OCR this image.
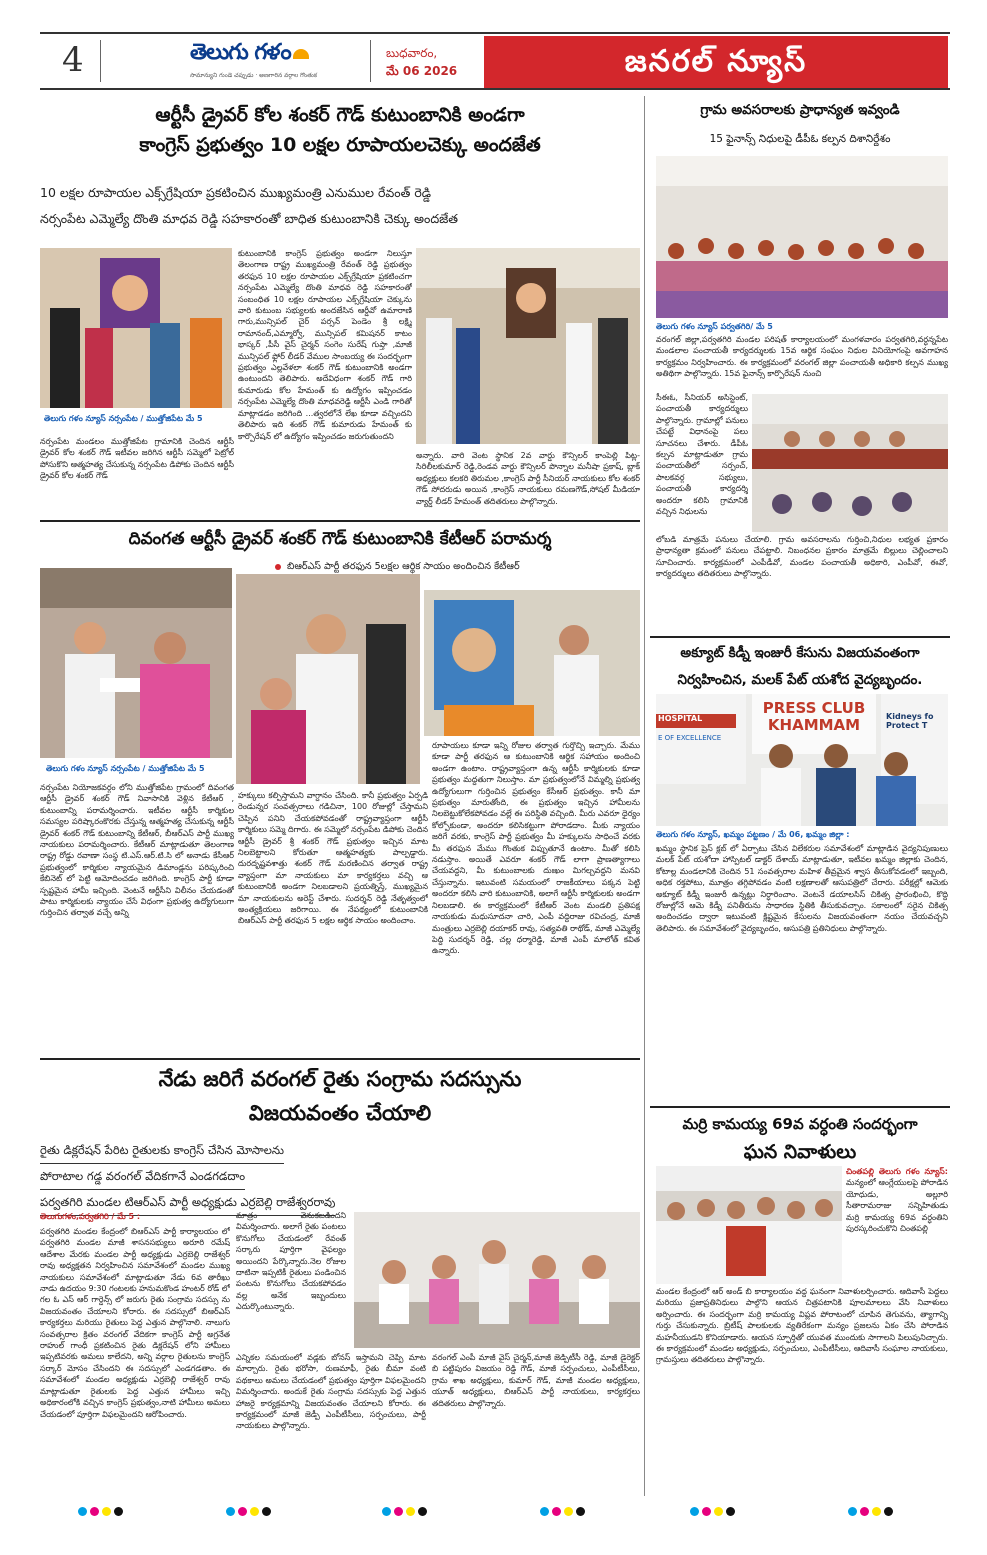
4	తెలుగు గళం
సామాన్యుని గుండె చప్పుడు · అణగారిన వర్గాల గొంతుక
బుధవారం,
మే 06 2026	జనరల్ న్యూస్
ఆర్టీసీ డ్రైవర్ కోల శంకర్ గౌడ్ కుటుంబానికి అండగా
కాంగ్రెస్ ప్రభుత్వం 10 లక్షల రూపాయలచెక్కు అందజేత
10 లక్షల రూపాయల ఎక్స్‌గ్రేషియా ప్రకటించిన ముఖ్యమంత్రి ఎనుముల రేవంత్ రెడ్డి
నర్సంపేట ఎమ్మెల్యే దొంతి మాధవ రెడ్డి సహకారంతో బాధిత కుటుంబానికి చెక్కు అందజేత
తెలుగు గళం న్యూస్ నర్సంపేట / ముత్తోజిపేట మే 5
నర్సంపేట మండలం ముత్తోజిపేట గ్రామానికి చెందిన ఆర్టీసీ డ్రైవర్ కోల శంకర్ గౌడ్ ఇటీవల జరిగిన ఆర్టీసీ సమ్మెలో పెట్రోల్ పోసుకొని ఆత్మహత్య చేసుకున్న నర్సంపేట డిపోకు చెందిన ఆర్టీసీ డ్రైవర్ కోల శంకర్ గౌడ్
కుటుంబానికి కాంగ్రెస్ ప్రభుత్వం అండగా నిలుస్తూ తెలంగాణ రాష్ట్ర ముఖ్యమంత్రి రేవంత్ రెడ్డి ప్రభుత్వం తరఫున 10 లక్షల రూపాయల ఎక్స్‌గ్రేషియా ప్రకటించగా నర్సంపేట ఎమ్మెల్యే దొంతి మాధవ రెడ్డి సహకారంతో సంబంధిత 10 లక్షల రూపాయల ఎక్స్‌గ్రేషియా చెక్కును వారి కుటుంబ సభ్యులకు అందజేసిన ఆర్డీవో ఉమారాణి గారు,మున్సిపల్ చైర్ పర్సన్ పెండెం శ్రీ లక్ష్మి రామానంద్,ఎమ్మార్వో, మున్సిపల్ కమిషనర్ కాటం భాస్కర్ ,పీసీ వైస్ చైర్మన్ సంగెం సురేష్ గుప్తా ,మాజీ మున్సిపల్ ఫ్లోర్ లీడర్ వేముల సాంబయ్య ఈ సందర్భంగా ప్రభుత్వం ఎల్లవేళలా శంకర్ గౌడ్ కుటుంబానికి అండగా ఉంటుందని తెలిపారు. అదేవిధంగా శంకర్ గౌడ్ గారి కుమారుడు కోల హేమంత్ కు ఉద్యోగం ఇప్పించడం నర్సంపేట ఎమ్మెల్యే దొంతి మాధవరెడ్డి ఆర్టీసీ ఎండి గారితో మాట్లాడడం జరిగింది ...త్వరలోనే లేఖ కూడా వచ్చిందని తెలిపారు ఇది శంకర్ గౌడ్ కుమారుడు హేమంత్ కు కార్పొరేషన్ లో ఉద్యోగం ఇప్పించడం జరుగుతుందని
అన్నారు. వారి వెంట స్థానిక 2వ వార్డు కౌన్సిలర్ కాంపెల్లి పిట్ల-సిరిలీలకుమార్ రెడ్డి,రెండవ వార్డు కౌన్సిలర్ పొన్నాల మనీషా ప్రకాష్, బ్లాక్ అధ్యక్షులు కలకరి తిరుమల ,కాంగ్రెస్ పార్టీ సీనియర్ నాయకులు కోల శంకర్ గౌడ్ సోదరుడు అయిన ,కాంగ్రెస్ నాయకులు రమణగౌడ్,సోషల్ మీడియా వ్యార్డ్ లీడర్ హేమంత్ తదితరులు పాల్గొన్నారు.
దివంగత ఆర్టీసీ డ్రైవర్ శంకర్ గౌడ్ కుటుంబానికి కేటీఆర్ పరామర్శ
బిఆర్ఎస్ పార్టీ తరఫున 5లక్షల ఆర్థిక సాయం అందించిన కేటీఆర్
తెలుగు గళం న్యూస్ నర్సంపేట / ముత్తోజిపేట మే 5
నర్సంపేట నియోజకవర్గం లోని ముత్తోజిపేట గ్రామంలో దివంగత ఆర్టీసీ డ్రైవర్ శంకర్ గౌడ్ నివాసానికి వెళ్లిన కేటీఆర్ , కుటుంబాన్ని పరామర్శించారు. ఇటీవల ఆర్టీసీ కార్మికుల సమస్యల పరిష్కారంకొరకు చేస్తున్న ఆత్మహత్య చేసుకున్న ఆర్టీసీ డ్రైవర్ శంకర్ గౌడ్ కుటుంబాన్ని కేటీఆర్, బీఆర్ఎస్ పార్టీ ముఖ్య నాయకులు పరామర్శించారు. కేటీఆర్ మాట్లాడుతూ తెలంగాణ రాష్ట్ర రోడ్డు రవాణా సంస్థ టి.ఎస్.ఆర్.టి.సి లో అనాడు కేసీఆర్ ప్రభుత్వంలో కార్మికుల న్యాయమైన డిమాండ్లను పరిష్కరించి కేబినెట్ లో పెట్టి ఆమోదించడం జరిగింది. కాంగ్రెస్ పార్టీ కూడా స్పష్టమైన హామీ ఇచ్చింది. వెంటనే ఆర్టీసీని విలీనం చేయడంతో పాటు కార్మికులకు న్యాయం చేసే విధంగా ప్రభుత్వ ఉద్యోగులుగా గుర్తించిన తర్వాత వచ్చే అన్ని
హక్కులు కల్పిస్తామని వాగ్దానం చేసింది. కానీ ప్రభుత్వం ఏర్పడి రెండున్నర సంవత్సరాలు గడిచినా, 100 రోజుల్లో చేస్తామని చెప్పిన పనిని చేయకపోవడంతో రాష్ట్రవ్యాప్తంగా ఆర్టీసీ కార్మికులు సమ్మె దిగారు. ఈ సమ్మెలో నర్సంపేట డిపోకు చెందిన ఆర్టీసీ డ్రైవర్ శ్రీ శంకర్ గౌడ్ ప్రభుత్వం ఇచ్చిన మాట నిలబెట్టాలని కోరుతూ ఆత్మహత్యకు పాల్పడ్డారు. దురదృష్టవశాత్తు శంకర్ గౌడ్ మరణించిన తర్వాత రాష్ట్ర వ్యాప్తంగా మా నాయకులు మా కార్యకర్తలు వచ్చి ఆ కుటుంబానికి అండగా నిలబడాలని ప్రయత్నిస్తే, ముఖ్యమైన మా నాయకులను అరెస్ట్ చేశారు. సుదర్శన్ రెడ్డి నేతృత్వంలో అంత్యక్రియలు జరిగాయి. ఈ నేపథ్యంలో కుటుంబానికి బిఆర్ఎస్ పార్టీ తరఫున 5 లక్షల ఆర్థిక సాయం అందించాం.
రూపాయలు కూడా ఇన్ని రోజుల తర్వాత గుర్తొచ్చి ఇచ్చారు. మేము కూడా పార్టీ తరఫున ఆ కుటుంబానికి ఆర్థిక సహాయం అందించి అండగా ఉంటాం. రాష్ట్రవ్యాప్తంగా ఉన్న ఆర్టీసీ కార్మికులకు కూడా ప్రభుత్వం మద్దతుగా నిలుస్తాం. మా ప్రభుత్వంలోనే విమ్మల్ని ప్రభుత్వ ఉద్యోగులుగా గుర్తించిన ప్రభుత్వం కేసీఆర్ ప్రభుత్వం. కానీ మా ప్రభుత్వం మారుతోంది, ఈ ప్రభుత్వం ఇచ్చిన హామీలను నిలబెట్టుకోలేకపోవడం వల్లే ఈ పరిస్థితి వచ్చింది. మీరు ఎవరూ ధైర్యం కోల్పోకుండా, అందరూ కలిసికట్టుగా పోరాడదాం. మీకు న్యాయం జరిగే వరకు, కాంగ్రెస్ పార్టీ ప్రభుత్వం మీ హక్కులను సాధించే వరకు మీ తరఫున మేము గొంతుక విప్పుతూనే ఉంటాం. మీతో కలిసి నడుస్తాం. అయితే ఎవరూ శంకర్ గౌడ్ లాగా ప్రాణత్యాగాలు చేయవద్దని, మీ కుటుంబాలకు దుఃఖం మిగల్చవద్దని మనవి చేస్తున్నాను. ఇటువంటి సమయంలో రాజకీయాలు పక్కన పెట్టి అందరూ కలిసి వారి కుటుంబానికి, అలాగే ఆర్టీసీ కార్మికులకు అండగా నిలబడాలి. ఈ కార్యక్రమంలో కేటీఆర్ వెంట మండలి ప్రతిపక్ష నాయకుడు మధుసూదనా చారి, ఎంపీ వద్దిరాజు రవిచంద్ర, మాజీ మంత్రులు ఎర్రబెల్లి దయాకర్ రావు, సత్యవతి రాథోడ్, మాజీ ఎమ్మెల్యే పెద్ది సుదర్శన్ రెడ్డి, చల్ల ధర్మారెడ్డి, మాజీ ఎంపీ మాలోత్ కవిత ఉన్నారు.
నేడు జరిగే వరంగల్ రైతు సంగ్రామ సదస్సును
విజయవంతం చేయాలి
రైతు డిక్లరేషన్ పేరిట రైతులకు కాంగ్రెస్ చేసిన మోసాలను
పోరాటాల గడ్డ వరంగల్ వేదికగానే ఎండగడదాం
పర్వతగిరి మండల టిఆర్ఎస్ పార్టీ అధ్యక్షుడు ఎర్రబెల్లి రాజేశ్వరరావు
తెలుగుగళం,పర్వతగిరి / మే 5 :
పర్వతగిరి మండల కేంద్రంలో బిఆర్ఎస్ పార్టీ కార్యాలయం లో పర్వతగిరి మండల మాజీ శాసనసభ్యులు అరూరి రమేష్ ఆదేశాల మేరకు మండల పార్టీ అధ్యక్షుడు ఎర్రబెల్లి రాజేశ్వర్ రావు అధ్యక్షతన నిర్వహించిన సమావేశంలో మండల ముఖ్య నాయకులు సమావేశంలో మాట్లాడుతూ నేడు 6వ తారీఖు నాడు ఉదయం 9:30 గంటలకు హనుమకొండ హంటర్ రోడ్ లో గల ఓ ఎస్ ఆర్ గార్డెన్స్ లో జరుగు రైతు సంగ్రామ సదస్సు ను విజయవంతం చేయాలని కోరారు. ఈ సదస్సులో బిఆర్ఎస్ కార్యకర్తలు మరియు రైతులు పెద్ద ఎత్తున పాల్గొనాలి. నాలుగు సంవత్సరాల క్రితం వరంగల్ వేదికగా కాంగ్రెస్ పార్టీ అగ్రనేత రాహుల్ గాంధీ ప్రకటించిన రైతు డిక్లరేషన్ లోని హామీలు ఇప్పటివరకు అమలు కాలేదని, అన్ని వర్గాల రైతులను కాంగ్రెస్ సర్కార్ మోసం చేసిందని ఈ సదస్సులో ఎండగడతాం. ఈ సమావేశంలో మండల అధ్యక్షుడు ఎర్రబెల్లి రాజేశ్వర్ రావు మాట్లాడుతూ రైతులకు పెద్ద ఎత్తున హామీలు ఇచ్చి అధికారంలోకి వచ్చిన కాంగ్రెస్ ప్రభుత్వం,నాటి హామీలు అమలు చేయడంలో పూర్తిగా విఫలమైందని ఆరోపించారు.
మాత్రం వెనుకబడిందని విమర్శించారు. అలాగే రైతు పంటలు కొనుగోలు చేయడంలో రేవంత్ సర్కారు పూర్తిగా వైఫల్యం అయిందని పేర్కొన్నారు.నెల రోజుల దాటినా ఇప్పటికీ రైతులు పండించిన పంటను కొనుగోలు చేయకపోవడం వల్ల అనేక ఇబ్బందులు ఎదుర్కొంటున్నారు.
ఎన్నికల సమయంలో వడ్లకు బోనస్ ఇస్తామని చెప్పి మాట మార్చారు. రైతు భరోసా, రుణమాఫీ, రైతు బీమా వంటి పథకాలు అమలు చేయడంలో ప్రభుత్వం పూర్తిగా విఫలమైందని విమర్శించారు. అందుకే రైతు సంగ్రామ సదస్సుకు పెద్ద ఎత్తున హాజరై కార్యక్రమాన్ని విజయవంతం చేయాలని కోరారు. ఈ కార్యక్రమంలో మాజీ జెడ్పీ ఎంపీటీసీలు, సర్పంచులు, పార్టీ నాయకులు పాల్గొన్నారు.
వరంగల్ ఎంపీ మాజీ వైస్ చైర్మన్,మాజీ జెడ్పిటీసీ రెడ్డి, మాజీ డైరెక్టర్ బి పట్టిపురం విజయం రెడ్డి గౌడ్, మాజీ సర్పంచులు, ఎంపీటీసీలు, గ్రామ శాఖ అధ్యక్షులు, కుమార్ గౌడ్, మాజీ మండల అధ్యక్షులు, యూత్ అధ్యక్షులు, బిఆర్ఎస్ పార్టీ నాయకులు, కార్యకర్తలు తదితరులు పాల్గొన్నారు.
గ్రామ అవసరాలకు ప్రాధాన్యత ఇవ్వండి
15 ఫైనాన్స్ నిధులపై డీపీఓ కల్పన దిశానిర్దేశం
తెలుగు గళం న్యూస్ పర్వతగిరి/ మే 5
వరంగల్ జిల్లా,పర్వతగిరి మండల పరిషత్ కార్యాలయంలో మంగళవారం పర్వతగిరి,వర్ధన్నపేట మండలాల పంచాయతీ కార్యదర్శులకు 15వ ఆర్థిక సంఘం నిధుల వినియోగంపై అవగాహన కార్యక్రమం నిర్వహించారు. ఈ కార్యక్రమంలో వరంగల్ జిల్లా పంచాయతీ అధికారి కల్పన ముఖ్య అతిథిగా పాల్గొన్నారు. 15వ ఫైనాన్స్ కార్పొరేషన్ నుంచి
సీఈఓ, సీనియర్ అసిస్టెంట్, పంచాయతీ కార్యదర్శులు పాల్గొన్నారు. గ్రామాల్లో పనులు చేపట్టే విధానంపై పలు సూచనలు చేశారు. డీపీఓ కల్పన మాట్లాడుతూ గ్రామ పంచాయతీలో సర్పంచ్, పాలకవర్గ సభ్యులు, పంచాయతీ కార్యదర్శి అందరూ కలిసి గ్రామానికి వచ్చిన నిధులను
లోబడి మాత్రమే పనులు చేయాలి. గ్రామ అవసరాలను గుర్తించి,నిధుల లభ్యత ప్రకారం ప్రాధాన్యతా క్రమంలో పనులు చేపట్టాలి. నిబంధనల ప్రకారం మాత్రమే బిల్లులు చెల్లించాలని సూచించారు. కార్యక్రమంలో ఎంపీడీవో, మండల పంచాయతీ అధికారి, ఎంపీవో, ఈవో, కార్యదర్శులు తదితరులు పాల్గొన్నారు.
అక్యూట్ కిడ్నీ ఇంజురీ కేసును విజయవంతంగా
నిర్వహించిన, మలక్ పేట్ యశోద వైద్యబృందం.
HOSPITAL
E OF EXCELLENCE
PRESS CLUB KHAMMAM	Kidneys fo Protect T
తెలుగు గళం న్యూస్, ఖమ్మం పట్టణం / మే 06, ఖమ్మం జిల్లా :
ఖమ్మం స్థానిక ప్రెస్ క్లబ్ లో ఏర్పాటు చేసిన విలేకరుల సమావేశంలో మాట్లాడిన వైద్యనిపుణులు మలక్ పేట్ యశోదా హాస్పిటల్ డాక్టర్ దేశాయ్ మాట్లాడుతూ, ఇటీవల ఖమ్మం జిల్లాకు చెందిన, కోటాల్ల మండలానికి చెందిన 51 సంవత్సరాల మహిళ తీవ్రమైన శ్వాస తీసుకోవడంలో ఇబ్బంది, అధిక రక్తపోటు, మూత్రం తగ్గిపోవడం వంటి లక్షణాలతో ఆసుపత్రిలో చేరారు. పరీక్షల్లో ఆమెకు అక్యూట్ కిడ్నీ ఇంజురీ ఉన్నట్లు నిర్ధారించాం. వెంటనే డయాలసిస్ చికిత్స ప్రారంభించి, కొద్ది రోజుల్లోనే ఆమె కిడ్నీ పనితీరును సాధారణ స్థితికి తీసుకువచ్చాం. సకాలంలో సరైన చికిత్స అందించడం ద్వారా ఇటువంటి క్లిష్టమైన కేసులను విజయవంతంగా నయం చేయవచ్చని తెలిపారు. ఈ సమావేశంలో వైద్యబృందం, ఆసుపత్రి ప్రతినిధులు పాల్గొన్నారు.
మర్రి కామయ్య 69వ వర్ధంతి సందర్భంగా
ఘన నివాళులు
చింతపల్లి తెలుగు గళం న్యూస్: మన్యంలో ఆంగ్లేయులపై పోరాడిన యోధుడు, అల్లూరి సీతారామరాజు సన్నిహితుడు మర్రి కామయ్య 69వ వర్ధంతిని పురస్కరించుకొని చింతపల్లి
మండల కేంద్రంలో ఆర్ అండ్ బి కార్యాలయం వద్ద ఘనంగా నివాళులర్పించారు. ఆదివాసీ పెద్దలు మరియు ప్రజాప్రతినిధులు పాల్గొని ఆయన చిత్రపటానికి పూలమాలలు వేసి నివాళులు అర్పించారు. ఈ సందర్భంగా మర్రి కామయ్య విప్లవ పోరాటంలో చూపిన తెగువను, త్యాగాన్ని గుర్తు చేసుకున్నారు. బ్రిటీష్ పాలకులకు వ్యతిరేకంగా మన్యం ప్రజలను ఏకం చేసి పోరాడిన మహనీయుడని కొనియాడారు. ఆయన స్ఫూర్తితో యువత ముందుకు సాగాలని పిలుపునిచ్చారు. ఈ కార్యక్రమంలో మండల అధ్యక్షుడు, సర్పంచులు, ఎంపీటీసీలు, ఆదివాసీ సంఘాల నాయకులు, గ్రామస్తులు తదితరులు పాల్గొన్నారు.
